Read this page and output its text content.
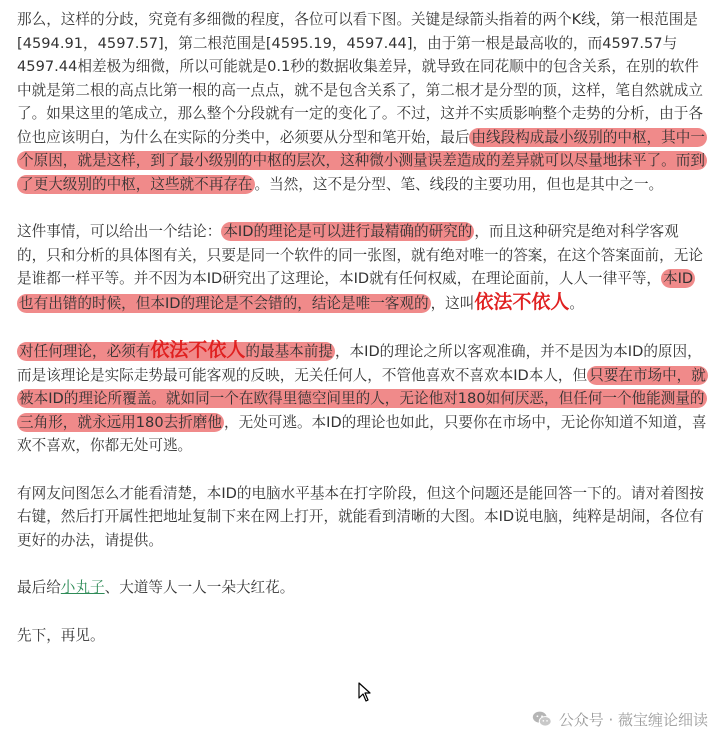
那么，这样的分歧，究竟有多细微的程度，各位可以看下图。关键是绿箭头指着的两个K线，第一根范围是[4594.91，4597.57]，第二根范围是[4595.19，4597.44]，由于第一根是最高收的，而4597.57与4597.44相差极为细微，所以可能就是0.1秒的数据收集差异，就导致在同花顺中的包含关系，在别的软件中就是第二根的高点比第一根的高一点点，就不是包含关系了，第二根才是分型的顶，这样，笔自然就成立了。如果这里的笔成立，那么整个分段就有一定的变化了。不过，这并不实质影响整个走势的分析，由于各位也应该明白，为什么在实际的分类中，必须要从分型和笔开始，最后 由线段构成最小级别的中枢，其中一个原因，就是这样，到了最小级别的中枢的层次，这种微小测量误差造成的差异就可以尽量地抹平了。而到了更大级别的中枢，这些就不再存在 。当然，这不是分型、笔、线段的主要功用，但也是其中之一。

这件事情，可以给出一个结论： 本ID的理论是可以进行最精确的研究的 ，而且这种研究是绝对科学客观的，只和分析的具体图有关，只要是同一个软件的同一张图，就有绝对唯一的答案，在这个答案面前，无论是谁都一样平等。并不因为本ID研究出了这理论，本ID就有任何权威，在理论面前，人人一律平等， 本ID也有出错的时候，但本ID的理论是不会错的，结论是唯一客观的 ，这叫依法不依人。

对任何理论，必须有依法不依人的最基本前提 ，本ID的理论之所以客观准确，并不是因为本ID的原因，而是该理论是实际走势最可能客观的反映，无关任何人，不管他喜欢不喜欢本ID本人，但 只要在市场中，就被本ID的理论所覆盖。就如同一个在欧得里德空间里的人，无论他对180如何厌恶，但任何一个他能测量的三角形，就永远用180去折磨他 ，无处可逃。本ID的理论也如此，只要你在市场中，无论你知道不知道，喜欢不喜欢，你都无处可逃。

有网友问图怎么才能看清楚，本ID的电脑水平基本在打字阶段，但这个问题还是能回答一下的。请对着图按右键，然后打开属性把地址复制下来在网上打开，就能看到清晰的大图。本ID说电脑，纯粹是胡闹，各位有更好的办法，请提供。

最后给小丸子、大道等人一人一朵大红花。

先下，再见。

公众号 · 薇宝缠论细读
